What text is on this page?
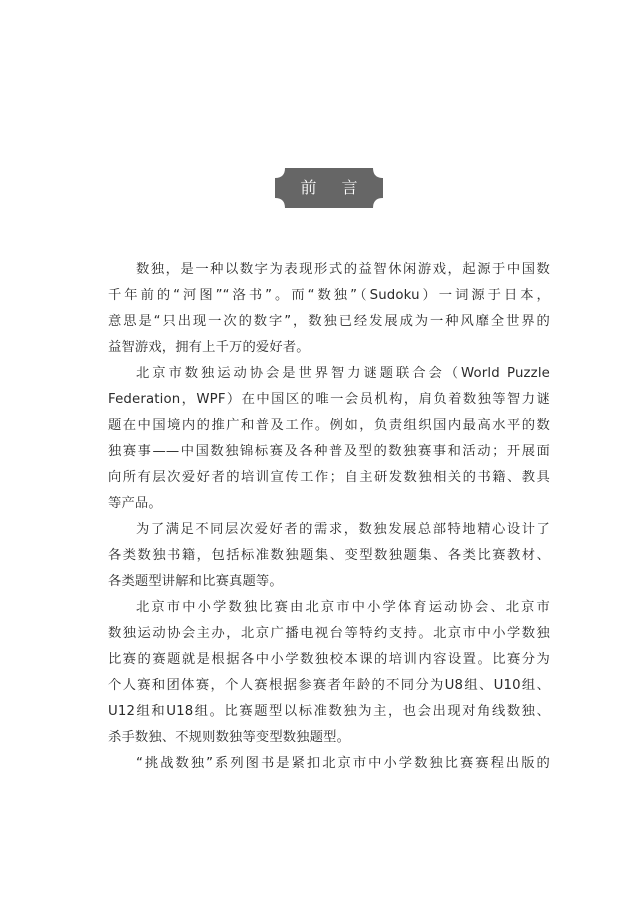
前 言

数独，是一种以数字为表现形式的益智休闲游戏，起源于中国数
千年前的“河图”“洛书”。而“数独”（Sudoku）一词源于日本，
意思是“只出现一次的数字”，数独已经发展成为一种风靡全世界的
益智游戏，拥有上千万的爱好者。

北京市数独运动协会是世界智力谜题联合会（World Puzzle
Federation，WPF）在中国区的唯一会员机构，肩负着数独等智力谜
题在中国境内的推广和普及工作。例如，负责组织国内最高水平的数
独赛事——中国数独锦标赛及各种普及型的数独赛事和活动；开展面
向所有层次爱好者的培训宣传工作；自主研发数独相关的书籍、教具
等产品。

为了满足不同层次爱好者的需求，数独发展总部特地精心设计了
各类数独书籍，包括标准数独题集、变型数独题集、各类比赛教材、
各类题型讲解和比赛真题等。

北京市中小学数独比赛由北京市中小学体育运动协会、北京市
数独运动协会主办，北京广播电视台等特约支持。北京市中小学数独
比赛的赛题就是根据各中小学数独校本课的培训内容设置。比赛分为
个人赛和团体赛，个人赛根据参赛者年龄的不同分为U8组、U10组、
U12组和U18组。比赛题型以标准数独为主，也会出现对角线数独、
杀手数独、不规则数独等变型数独题型。

“挑战数独”系列图书是紧扣北京市中小学数独比赛赛程出版的
